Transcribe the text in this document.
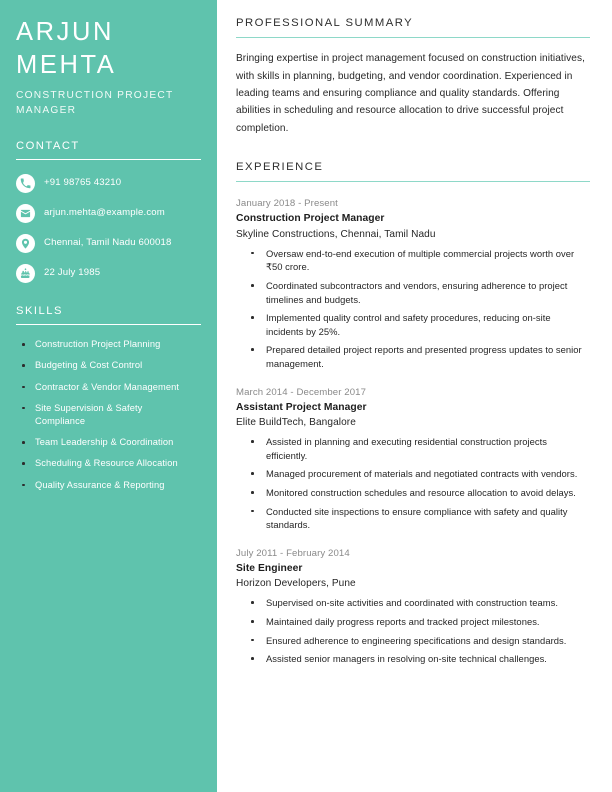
ARJUN
MEHTA
CONSTRUCTION PROJECT MANAGER
CONTACT
+91 98765 43210
arjun.mehta@example.com
Chennai, Tamil Nadu 600018
22 July 1985
SKILLS
Construction Project Planning
Budgeting & Cost Control
Contractor & Vendor Management
Site Supervision & Safety Compliance
Team Leadership & Coordination
Scheduling & Resource Allocation
Quality Assurance & Reporting
PROFESSIONAL SUMMARY

Bringing expertise in project management focused on construction initiatives, with skills in planning, budgeting, and vendor coordination. Experienced in leading teams and ensuring compliance and quality standards. Offering abilities in scheduling and resource allocation to drive successful project completion.

EXPERIENCE
January 2018 - Present
Construction Project Manager
Skyline Constructions, Chennai, Tamil Nadu
Oversaw end-to-end execution of multiple commercial projects worth over ₹50 crore.
Coordinated subcontractors and vendors, ensuring adherence to project timelines and budgets.
Implemented quality control and safety procedures, reducing on-site incidents by 25%.
Prepared detailed project reports and presented progress updates to senior management.
March 2014 - December 2017
Assistant Project Manager
Elite BuildTech, Bangalore
Assisted in planning and executing residential construction projects efficiently.
Managed procurement of materials and negotiated contracts with vendors.
Monitored construction schedules and resource allocation to avoid delays.
Conducted site inspections to ensure compliance with safety and quality standards.
July 2011 - February 2014
Site Engineer
Horizon Developers, Pune
Supervised on-site activities and coordinated with construction teams.
Maintained daily progress reports and tracked project milestones.
Ensured adherence to engineering specifications and design standards.
Assisted senior managers in resolving on-site technical challenges.
